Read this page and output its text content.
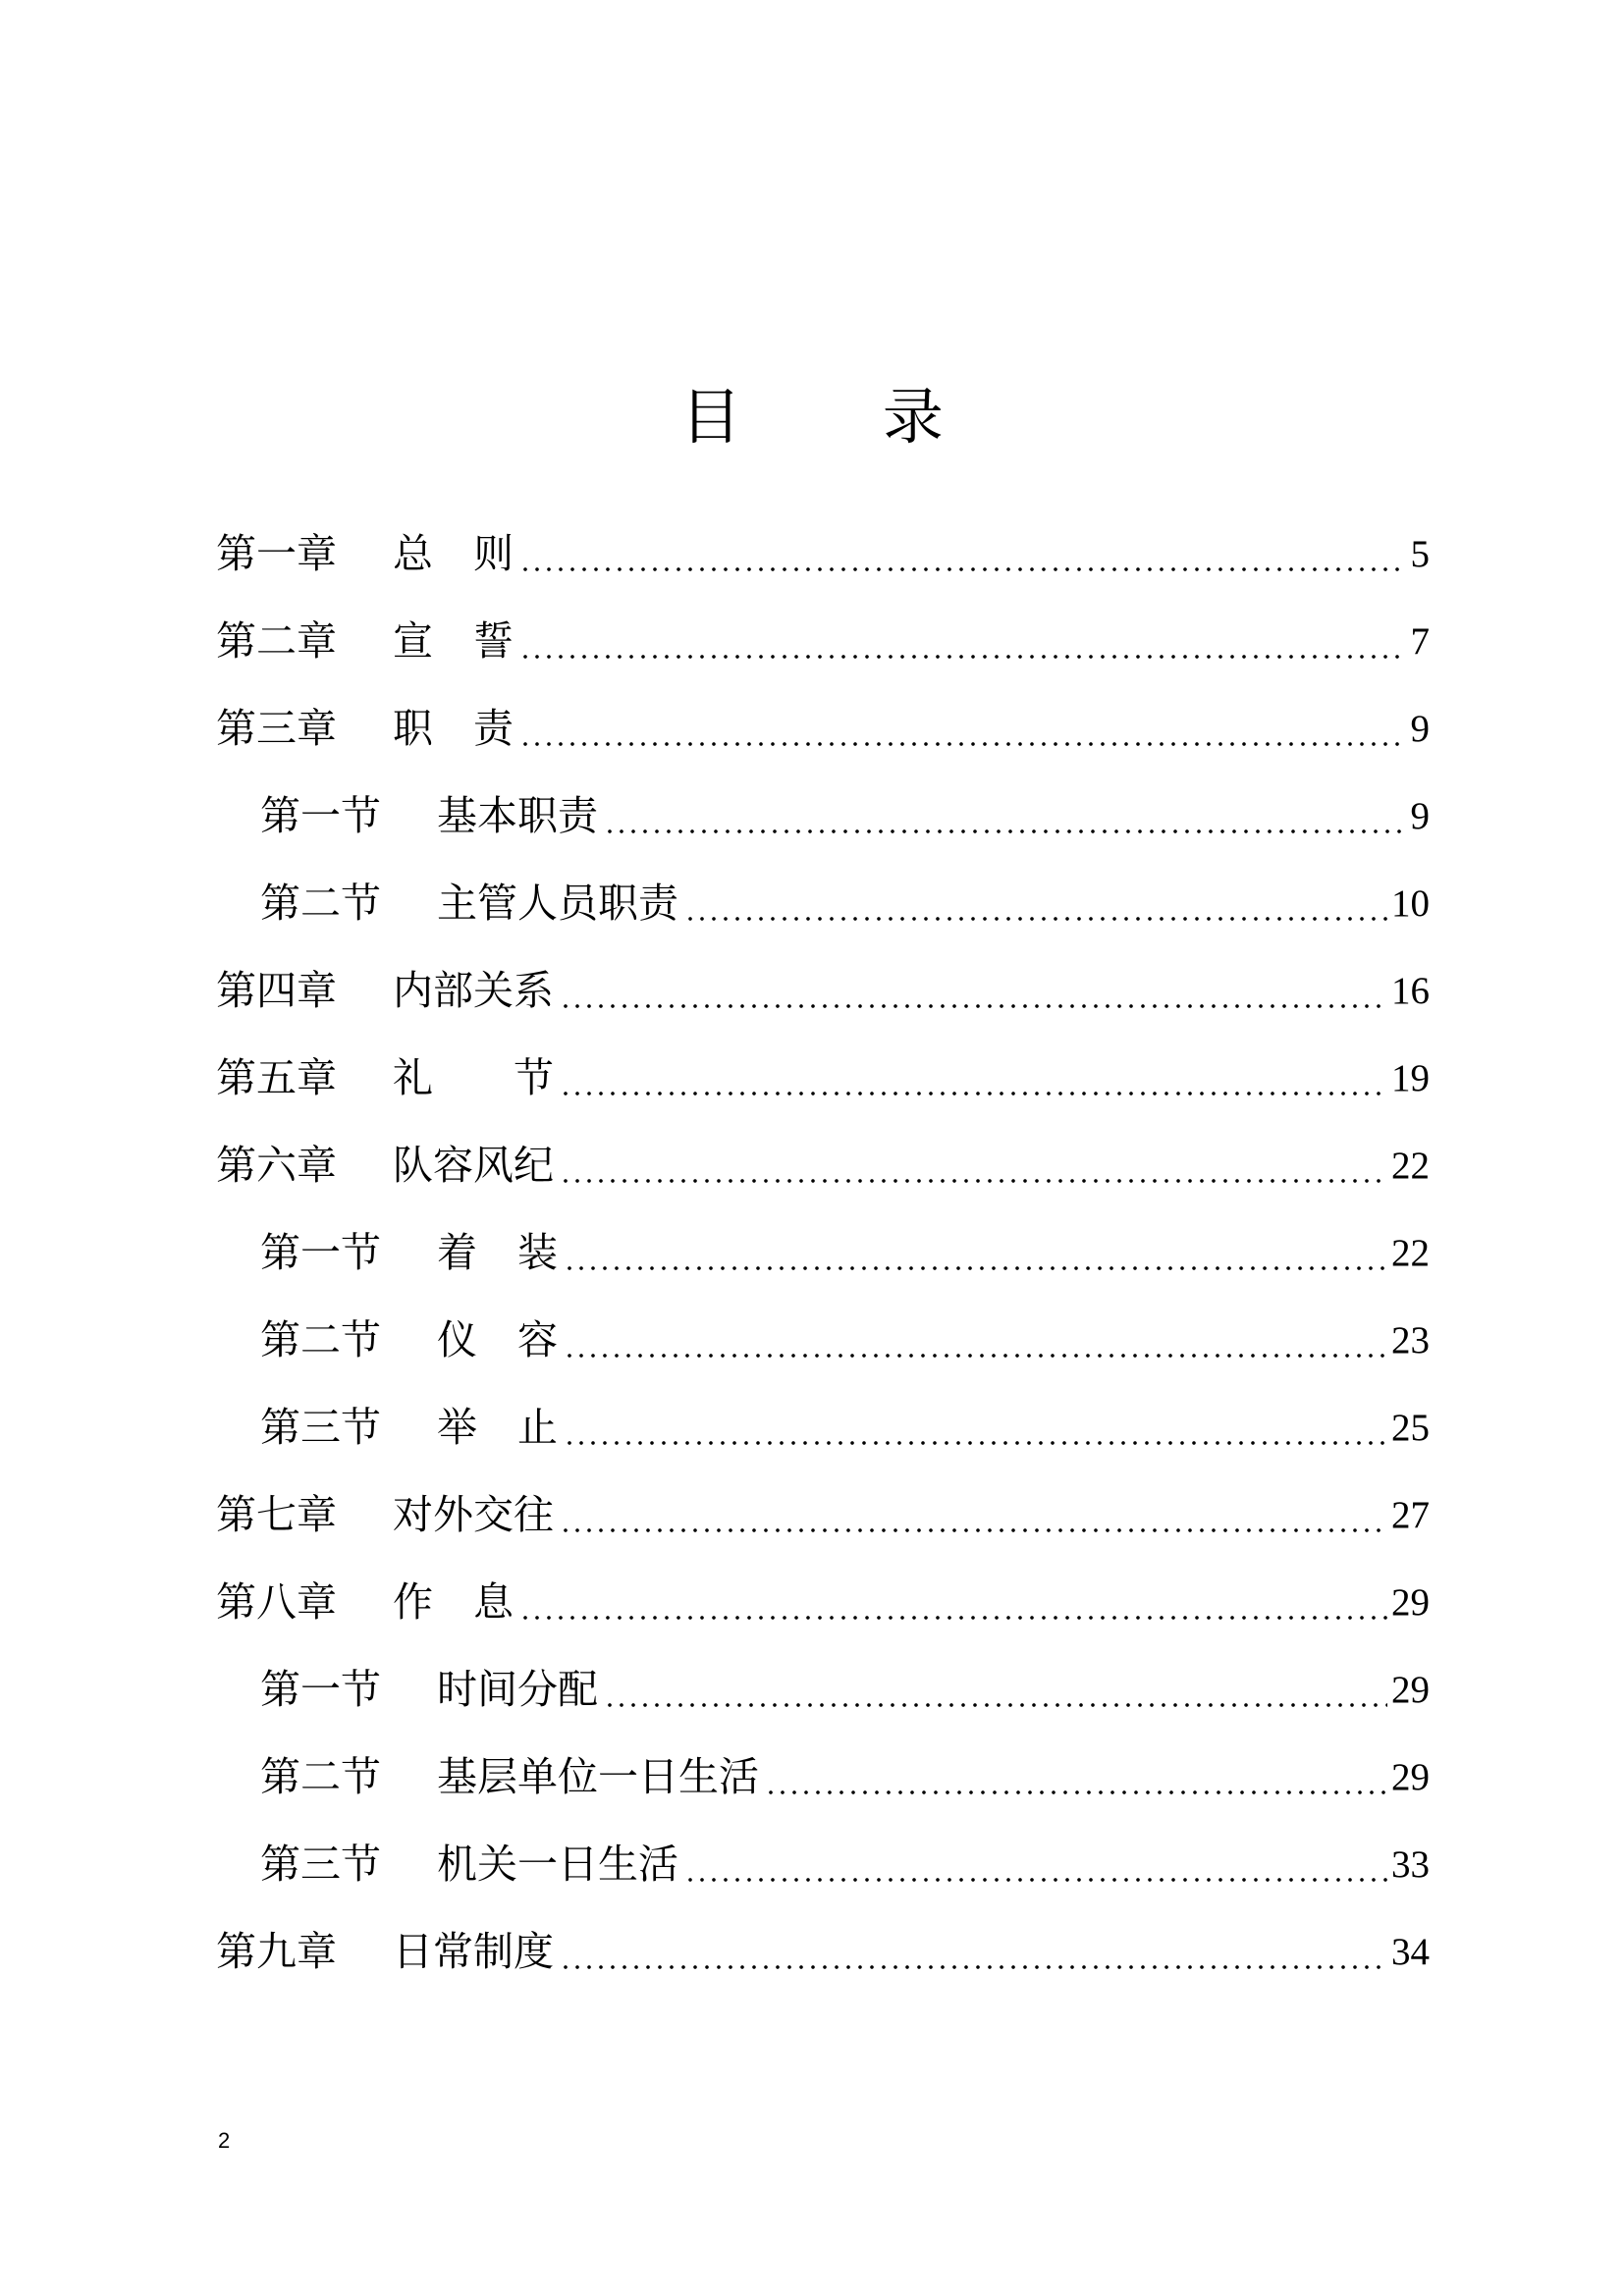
目 录
第一章	总　则	5
第二章	宣　誓	7
第三章	职　责	9
第一节	基本职责	9
第二节	主管人员职责	10
第四章	内部关系	16
第五章	礼　　节	19
第六章	队容风纪	22
第一节	着　装	22
第二节	仪　容	23
第三节	举　止	25
第七章	对外交往	27
第八章	作　息	29
第一节	时间分配	29
第二节	基层单位一日生活	29
第三节	机关一日生活	33
第九章	日常制度	34
2
